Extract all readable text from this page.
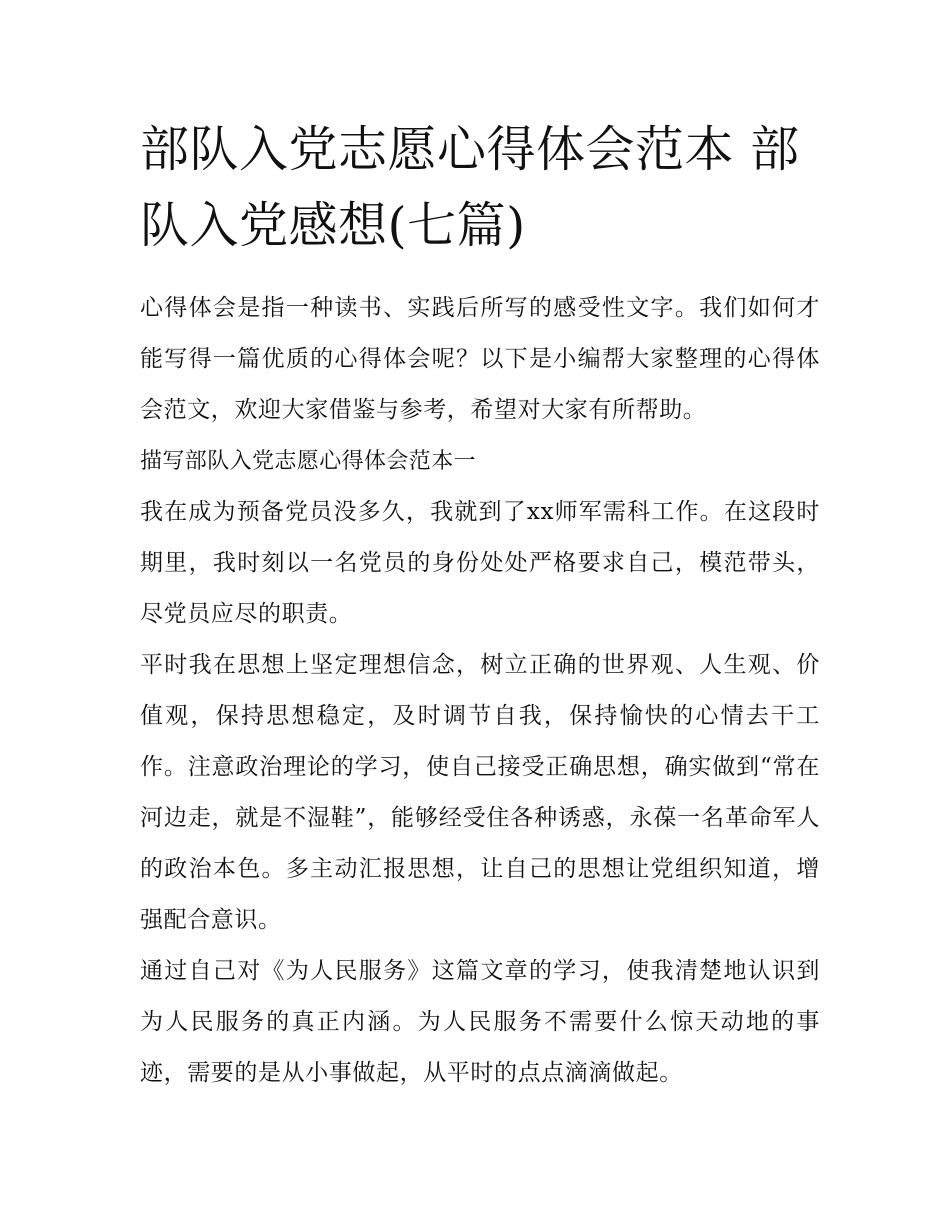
部队入党志愿心得体会范本 部队入党感想(七篇)

心得体会是指一种读书、实践后所写的感受性文字。我们如何才能写得一篇优质的心得体会呢？以下是小编帮大家整理的心得体会范文，欢迎大家借鉴与参考，希望对大家有所帮助。

描写部队入党志愿心得体会范本一

我在成为预备党员没多久，我就到了xx师军需科工作。在这段时期里，我时刻以一名党员的身份处处严格要求自己，模范带头，尽党员应尽的职责。

平时我在思想上坚定理想信念，树立正确的世界观、人生观、价值观，保持思想稳定，及时调节自我，保持愉快的心情去干工作。注意政治理论的学习，使自己接受正确思想，确实做到“常在河边走，就是不湿鞋”，能够经受住各种诱惑，永葆一名革命军人的政治本色。多主动汇报思想，让自己的思想让党组织知道，增强配合意识。

通过自己对《为人民服务》这篇文章的学习，使我清楚地认识到为人民服务的真正内涵。为人民服务不需要什么惊天动地的事迹，需要的是从小事做起，从平时的点点滴滴做起。
